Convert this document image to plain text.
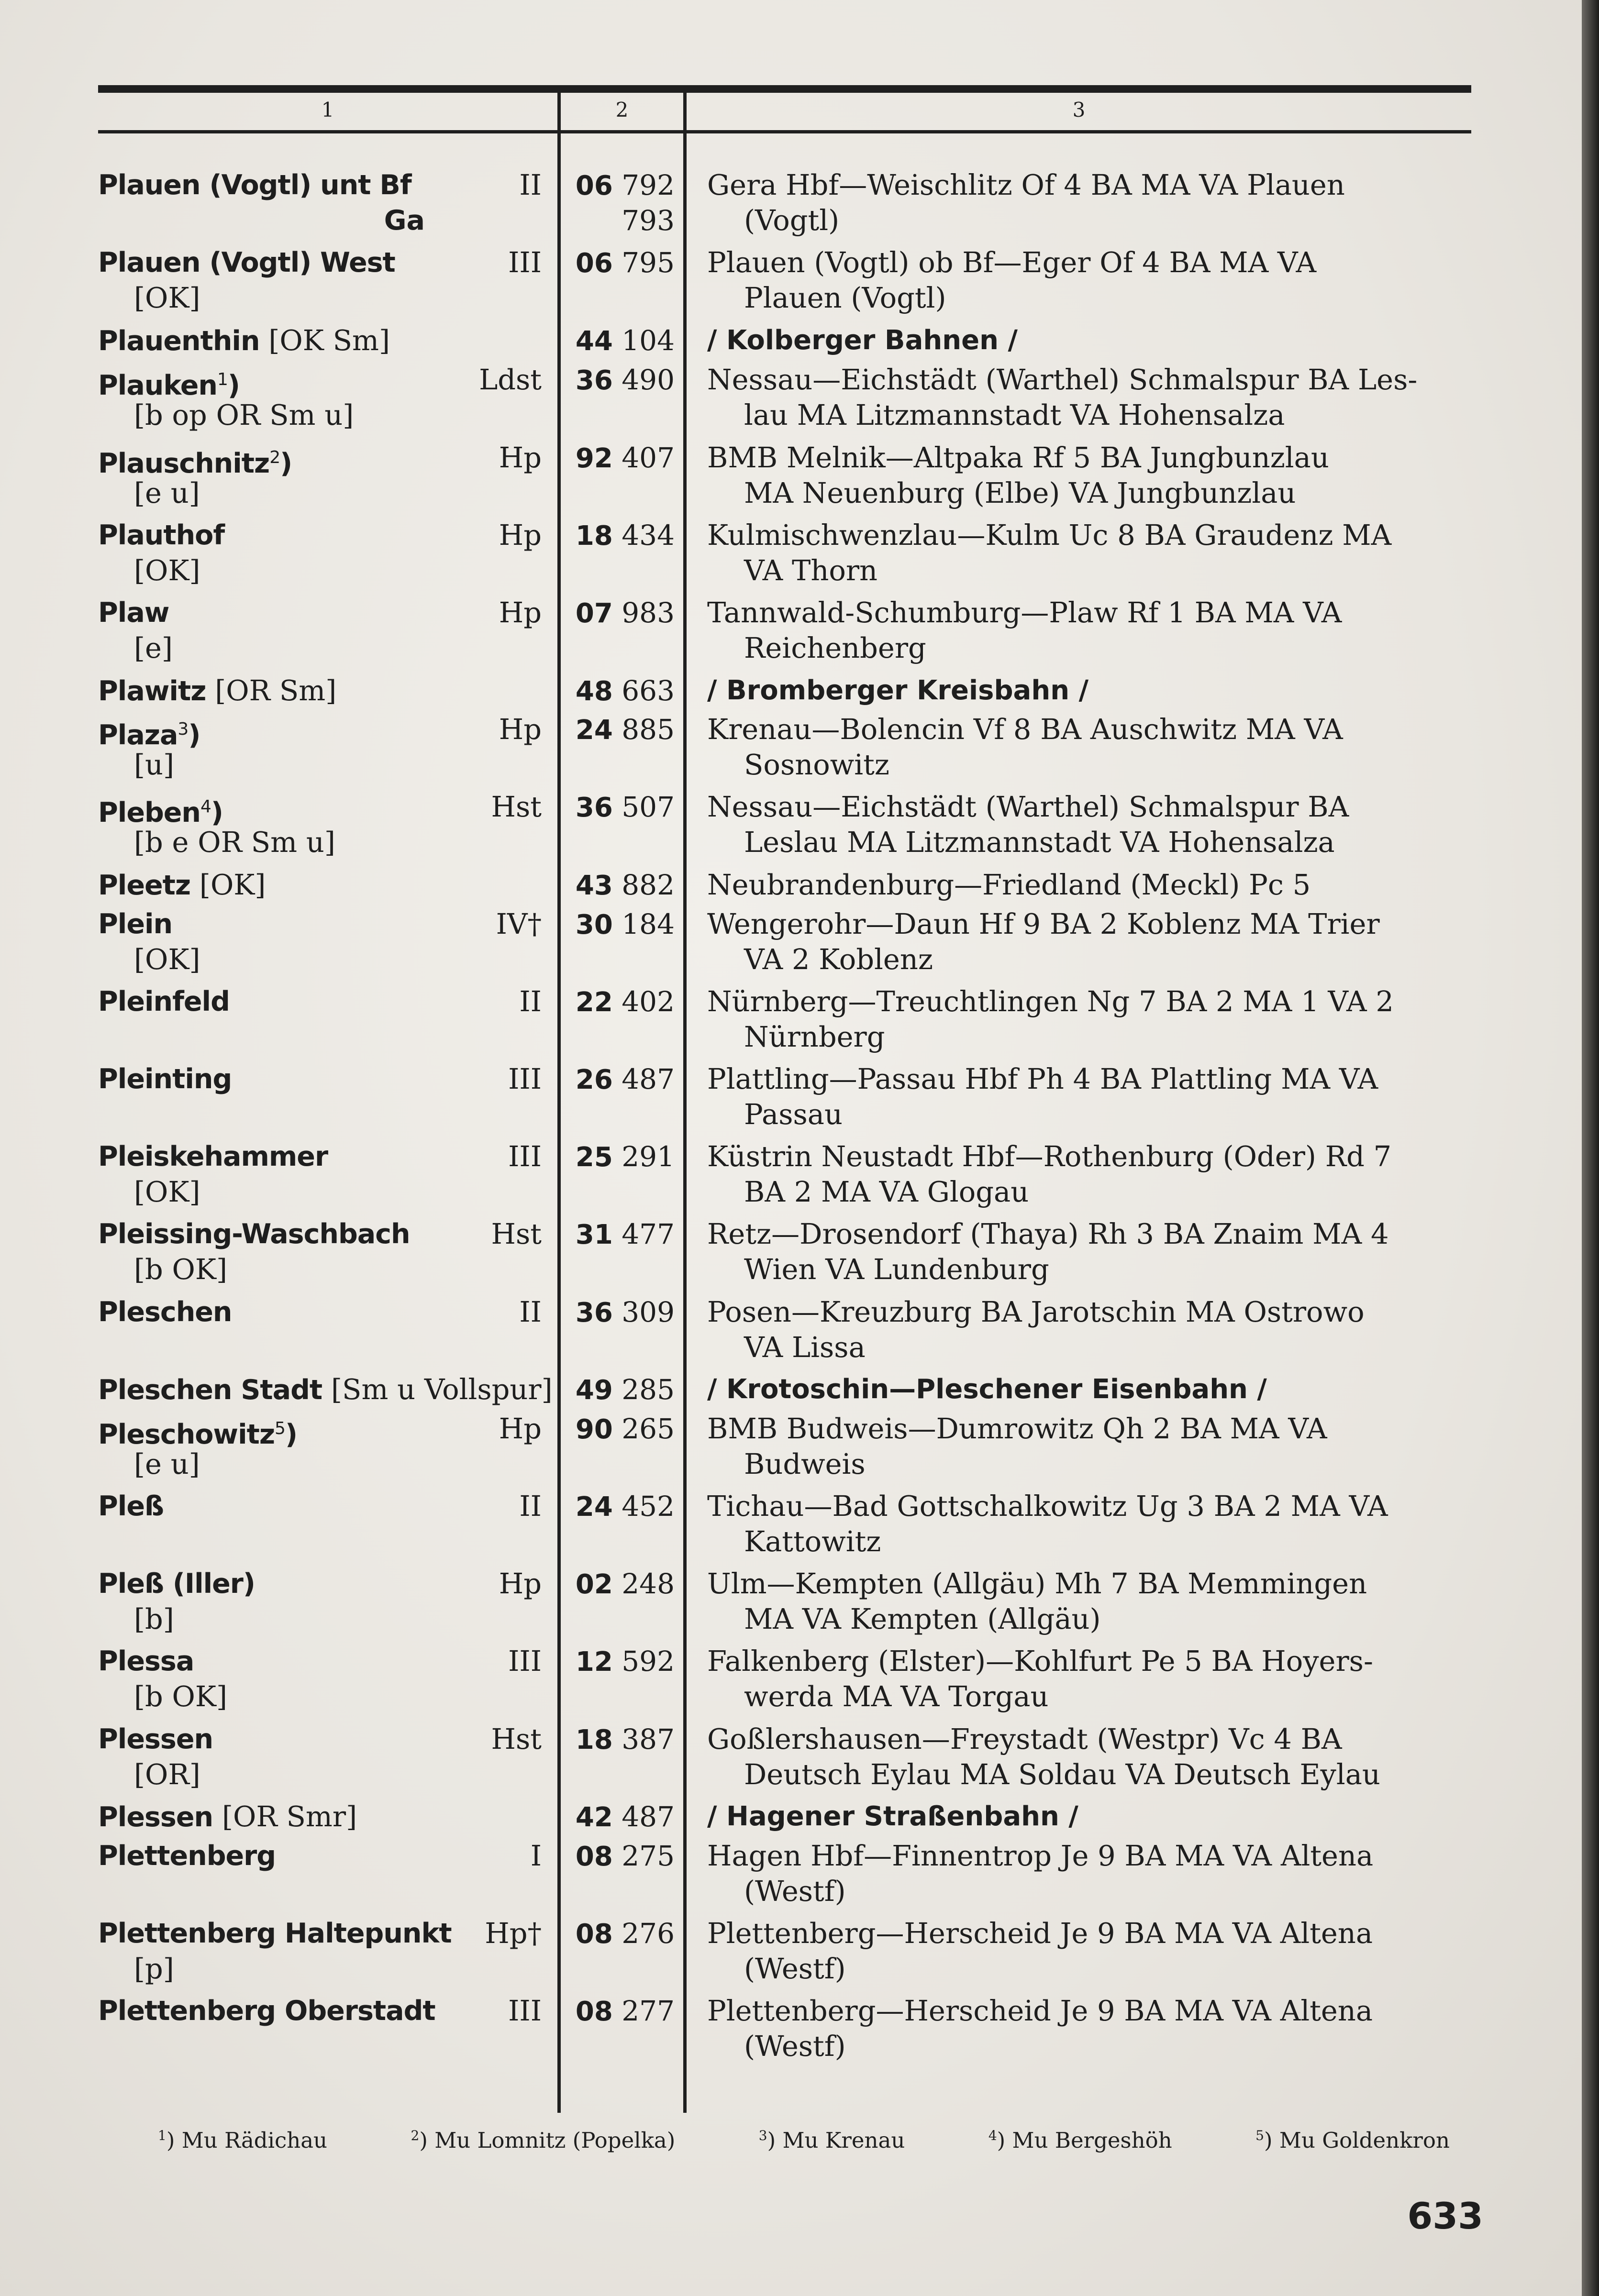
1	2	3
Plauen (Vogtl) unt Bf
Ga
II	06 792
793
Gera Hbf—Weischlitz Of 4 BA MA VA Plauen
(Vogtl)
Plauen (Vogtl) West
[OK]
III	06 795 Plauen (Vogtl) ob Bf—Eger Of 4 BA MA VA
Plauen (Vogtl)
Plauenthin [OK Sm]	44 104 / Kolberger Bahnen /
Plauken$^1$)
[b op OR Sm u]
Ldst	36 490 Nessau—Eichstädt (Warthel) Schmalspur BA Les-
lau MA Litzmannstadt VA Hohensalza
Plauschnitz$^2$)
[e u]
Hp	92 407 BMB Melnik—Altpaka Rf 5 BA Jungbunzlau
MA Neuenburg (Elbe) VA Jungbunzlau
Plauthof
[OK]
Hp	18 434 Kulmischwenzlau—Kulm Uc 8 BA Graudenz MA
VA Thorn
Plaw
[e]
Hp	07 983 Tannwald-Schumburg—Plaw Rf 1 BA MA VA
Reichenberg
Plawitz [OR Sm]	48 663 / Bromberger Kreisbahn /
Plaza$^3$)
[u]
Hp	24 885 Krenau—Bolencin Vf 8 BA Auschwitz MA VA
Sosnowitz
Pleben$^4$)
[b e OR Sm u]
Hst	36 507 Nessau—Eichstädt (Warthel) Schmalspur BA
Leslau MA Litzmannstadt VA Hohensalza
Pleetz [OK]	43 882 Neubrandenburg—Friedland (Meckl) Pc 5
Plein
[OK]
IV†	30 184 Wengerohr—Daun Hf 9 BA 2 Koblenz MA Trier
VA 2 Koblenz
Pleinfeld	II	22 402 Nürnberg—Treuchtlingen Ng 7 BA 2 MA 1 VA 2
Nürnberg
Pleinting	III	26 487 Plattling—Passau Hbf Ph 4 BA Plattling MA VA
Passau
Pleiskehammer
[OK]
III	25 291 Küstrin Neustadt Hbf—Rothenburg (Oder) Rd 7
BA 2 MA VA Glogau
Pleissing-Waschbach
[b OK]
Hst	31 477 Retz—Drosendorf (Thaya) Rh 3 BA Znaim MA 4
Wien VA Lundenburg
Pleschen	II	36 309 Posen—Kreuzburg BA Jarotschin MA Ostrowo
VA Lissa
Pleschen Stadt [Sm u Vollspur] 49 285 / Krotoschin—Pleschener Eisenbahn /
Pleschowitz$^5$)
[e u]
Hp	90 265 BMB Budweis—Dumrowitz Qh 2 BA MA VA
Budweis
Pleß	II	24 452 Tichau—Bad Gottschalkowitz Ug 3 BA 2 MA VA
Kattowitz
Pleß (Iller)
[b]
Hp	02 248 Ulm—Kempten (Allgäu) Mh 7 BA Memmingen
MA VA Kempten (Allgäu)
Plessa
[b OK]
III	12 592 Falkenberg (Elster)—Kohlfurt Pe 5 BA Hoyers-
werda MA VA Torgau
Plessen
[OR]
Hst	18 387 Goßlershausen—Freystadt (Westpr) Vc 4 BA
Deutsch Eylau MA Soldau VA Deutsch Eylau
Plessen [OR Smr]	42 487 / Hagener Straßenbahn /
Plettenberg	I	08 275 Hagen Hbf—Finnentrop Je 9 BA MA VA Altena
(Westf)
Plettenberg Haltepunkt
[p]
Hp†	08 276 Plettenberg—Herscheid Je 9 BA MA VA Altena
(Westf)
Plettenberg Oberstadt	III	08 277 Plettenberg—Herscheid Je 9 BA MA VA Altena
(Westf)
$^1$) Mu Rädichau	$^2$) Mu Lomnitz (Popelka)	$^3$) Mu Krenau	$^4$) Mu Bergeshöh	$^5$) Mu Goldenkron
633
